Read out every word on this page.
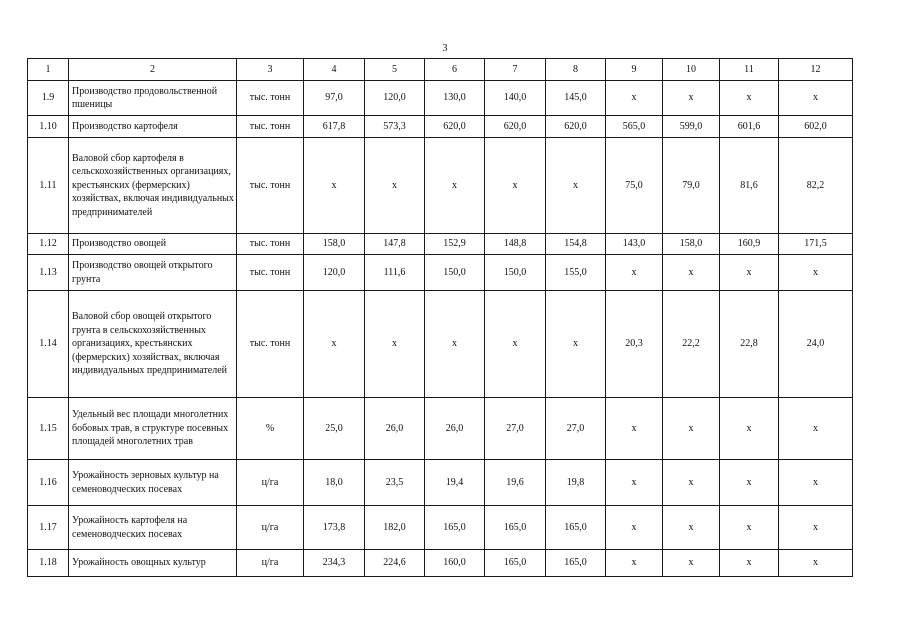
3
1	2	3	4	5	6	7	8	9	10	11	12
1.9	Производство продовольственной пшеницы	тыс. тонн	97,0	120,0	130,0	140,0	145,0	х	х	х	х
1.10	Производство картофеля	тыс. тонн	617,8	573,3	620,0	620,0	620,0	565,0	599,0	601,6	602,0
1.11	Валовой сбор картофеля в сельскохозяйственных организациях, крестьянских (фермерских) хозяйствах, включая индивидуальных предпринимателей	тыс. тонн	х	х	х	х	х	75,0	79,0	81,6	82,2
1.12	Производство овощей	тыс. тонн	158,0	147,8	152,9	148,8	154,8	143,0	158,0	160,9	171,5
1.13	Производство овощей открытого грунта	тыс. тонн	120,0	111,6	150,0	150,0	155,0	х	х	х	х
1.14	Валовой сбор овощей открытого грунта в сельскохозяйственных организациях, крестьянских (фермерских) хозяйствах, включая индивидуальных предпринимателей	тыс. тонн	х	х	х	х	х	20,3	22,2	22,8	24,0
1.15	Удельный вес площади многолетних бобовых трав, в структуре посевных площадей многолетних трав	%	25,0	26,0	26,0	27,0	27,0	х	х	х	х
1.16	Урожайность зерновых культур на семеноводческих посевах	ц/га	18,0	23,5	19,4	19,6	19,8	х	х	х	х
1.17	Урожайность картофеля на семеноводческих посевах	ц/га	173,8	182,0	165,0	165,0	165,0	х	х	х	х
1.18	Урожайность овощных культур	ц/га	234,3	224,6	160,0	165,0	165,0	х	х	х	х
